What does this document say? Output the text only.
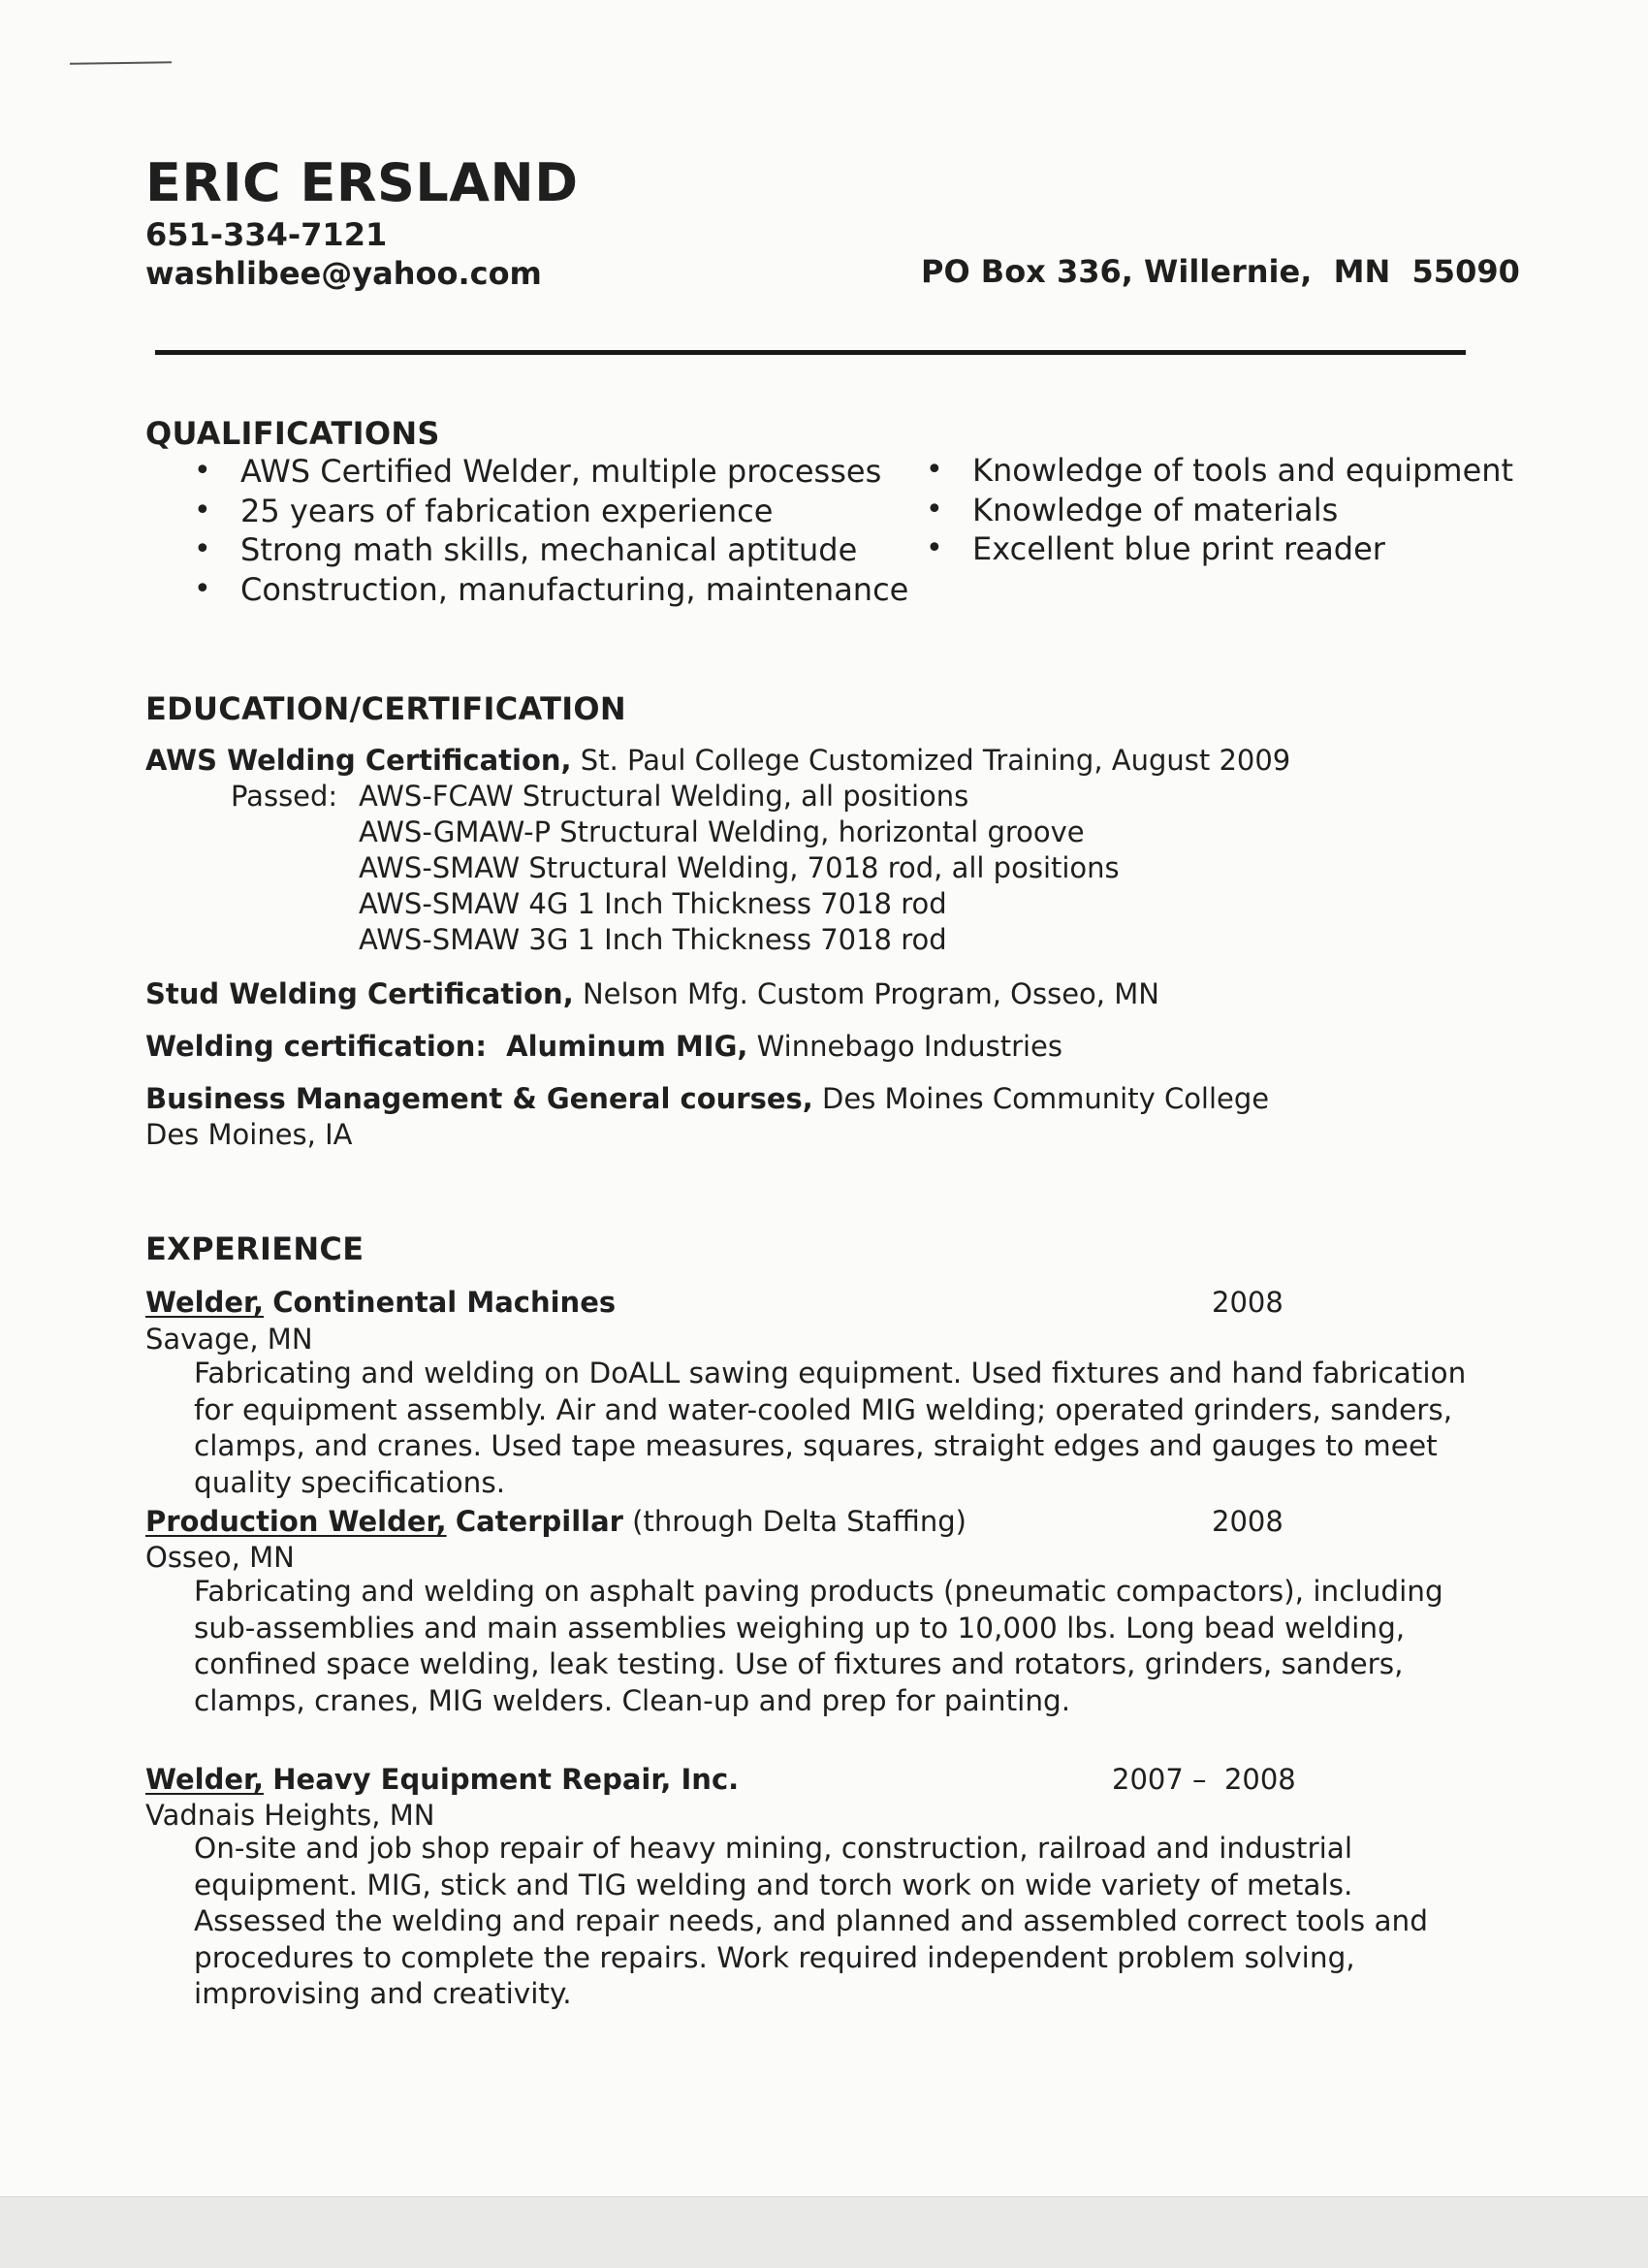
ERIC ERSLAND
651-334-7121
washlibee@yahoo.com	PO Box 336, Willernie,  MN  55090
QUALIFICATIONS
• AWS Certified Welder, multiple processes
• 25 years of fabrication experience
• Strong math skills, mechanical aptitude
• Construction, manufacturing, maintenance
• Knowledge of tools and equipment
• Knowledge of materials
• Excellent blue print reader
EDUCATION/CERTIFICATION
AWS Welding Certification, St. Paul College Customized Training, August 2009
Passed: AWS-FCAW Structural Welding, all positions
AWS-GMAW-P Structural Welding, horizontal groove
AWS-SMAW Structural Welding, 7018 rod, all positions
AWS-SMAW 4G 1 Inch Thickness 7018 rod
AWS-SMAW 3G 1 Inch Thickness 7018 rod
Stud Welding Certification, Nelson Mfg. Custom Program, Osseo, MN
Welding certification:  Aluminum MIG, Winnebago Industries
Business Management & General courses, Des Moines Community College
Des Moines, IA
EXPERIENCE
Welder, Continental Machines	2008
Savage, MN

Fabricating and welding on DoALL sawing equipment. Used fixtures and hand fabrication for equipment assembly. Air and water-cooled MIG welding; operated grinders, sanders, clamps, and cranes. Used tape measures, squares, straight edges and gauges to meet quality specifications.

Production Welder, Caterpillar (through Delta Staffing)	2008
Osseo, MN

Fabricating and welding on asphalt paving products (pneumatic compactors), including sub-assemblies and main assemblies weighing up to 10,000 lbs. Long bead welding, confined space welding, leak testing. Use of fixtures and rotators, grinders, sanders, clamps, cranes, MIG welders. Clean-up and prep for painting.

Welder, Heavy Equipment Repair, Inc.	2007 –  2008
Vadnais Heights, MN

On-site and job shop repair of heavy mining, construction, railroad and industrial equipment. MIG, stick and TIG welding and torch work on wide variety of metals. Assessed the welding and repair needs, and planned and assembled correct tools and procedures to complete the repairs. Work required independent problem solving, improvising and creativity.
